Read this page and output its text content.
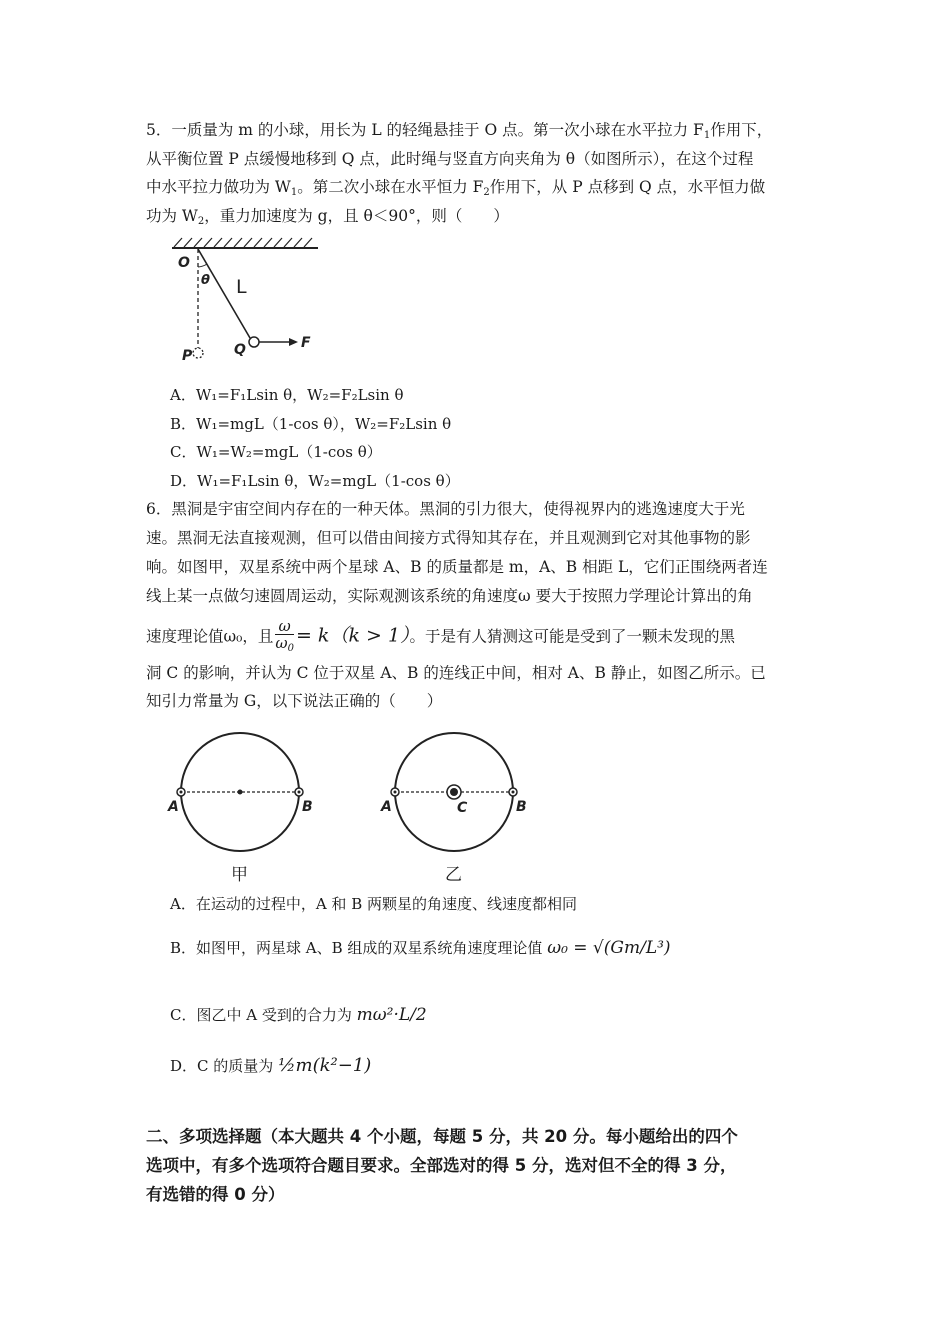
5．一质量为 m 的小球，用长为 L 的轻绳悬挂于 O 点。第一次小球在水平拉力 $F_1$作用下，
从平衡位置 P 点缓慢地移到 Q 点，此时绳与竖直方向夹角为 θ（如图所示），在这个过程
中水平拉力做功为 $W_1$。第二次小球在水平恒力 $F_2$作用下，从 P 点移到 Q 点，水平恒力做
功为 $W_2$，重力加速度为 g，且 θ＜90°，则（　　）
O
θ L
P	Q	F
A．W₁=F₁Lsin θ，W₂=F₂Lsin θ
B．W₁=mgL（1-cos θ），W₂=F₂Lsin θ
C．W₁=W₂=mgL（1-cos θ）
D．W₁=F₁Lsin θ，W₂=mgL（1-cos θ）
6．黑洞是宇宙空间内存在的一种天体。黑洞的引力很大，使得视界内的逃逸速度大于光
速。黑洞无法直接观测，但可以借由间接方式得知其存在，并且观测到它对其他事物的影
响。如图甲，双星系统中两个星球 A、B 的质量都是 m，A、B 相距 L，它们正围绕两者连
线上某一点做匀速圆周运动，实际观测该系统的角速度ω 要大于按照力学理论计算出的角
速度理论值ω₀，且 $\frac{\omega}{\omega_0} = k(k > 1)$。于是有人猜测这可能是受到了一颗未发现的黑
洞 C 的影响，并认为 C 位于双星 A、B 的连线正中间，相对 A、B 静止，如图乙所示。已
知引力常量为 G，以下说法正确的（　　）
A	B
甲
A	C	B
乙
A．在运动的过程中，A 和 B 两颗星的角速度、线速度都相同
B．如图甲，两星球 A、B 组成的双星系统角速度理论值 ω₀ = √(Gm/L³)
C．图乙中 A 受到的合力为 mω²·L/2
D．C 的质量为 ½m(k²−1)
二、多项选择题（本大题共 4 个小题，每题 5 分，共 20 分。每小题给出的四个
选项中，有多个选项符合题目要求。全部选对的得 5 分，选对但不全的得 3 分，
有选错的得 0 分）
